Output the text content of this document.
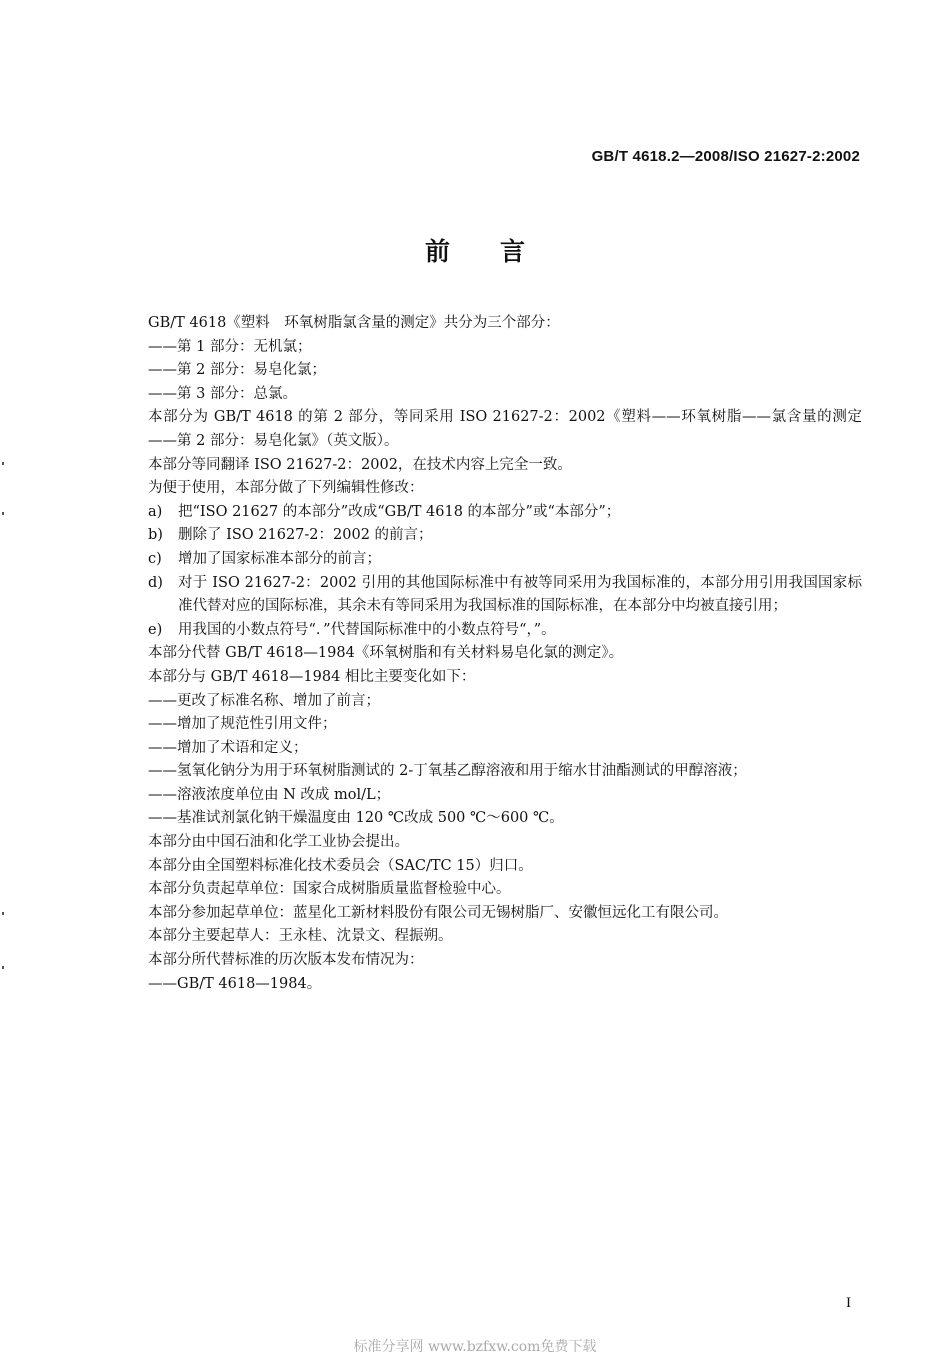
GB/T 4618.2—2008/ISO 21627-2:2002
前言

GB/T 4618《塑料　环氧树脂氯含量的测定》共分为三个部分：

——第 1 部分：无机氯；

——第 2 部分：易皂化氯；

——第 3 部分：总氯。

本部分为 GB/T 4618 的第 2 部分，等同采用 ISO 21627-2：2002《塑料——环氧树脂——氯含量的测定——第 2 部分：易皂化氯》（英文版）。

本部分等同翻译 ISO 21627-2：2002，在技术内容上完全一致。

为便于使用，本部分做了下列编辑性修改：

a)	把“ISO 21627 的本部分”改成“GB/T 4618 的本部分”或“本部分”；
b)	删除了 ISO 21627-2：2002 的前言；
c)	增加了国家标准本部分的前言；
d)	对于 ISO 21627-2：2002 引用的其他国际标准中有被等同采用为我国标准的，本部分用引用我国国家标准代替对应的国际标准，其余未有等同采用为我国标准的国际标准，在本部分中均被直接引用；
e)	用我国的小数点符号“．”代替国际标准中的小数点符号“，”。

本部分代替 GB/T 4618—1984《环氧树脂和有关材料易皂化氯的测定》。

本部分与 GB/T 4618—1984 相比主要变化如下：

——更改了标准名称、增加了前言；

——增加了规范性引用文件；

——增加了术语和定义；

——氢氧化钠分为用于环氧树脂测试的 2-丁氧基乙醇溶液和用于缩水甘油酯测试的甲醇溶液；

——溶液浓度单位由 N 改成 mol/L；

——基准试剂氯化钠干燥温度由 120 ℃改成 500 ℃～600 ℃。

本部分由中国石油和化学工业协会提出。

本部分由全国塑料标准化技术委员会（SAC/TC 15）归口。

本部分负责起草单位：国家合成树脂质量监督检验中心。

本部分参加起草单位：蓝星化工新材料股份有限公司无锡树脂厂、安徽恒远化工有限公司。

本部分主要起草人：王永桂、沈景文、程振朔。

本部分所代替标准的历次版本发布情况为：

——GB/T 4618—1984。

I
标准分享网 www.bzfxw.com免费下载
